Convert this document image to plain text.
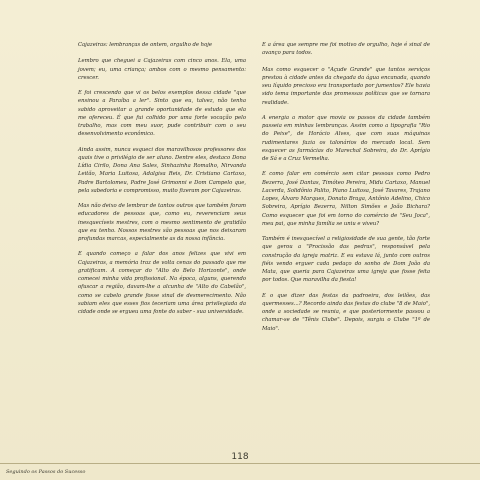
Cajazeiras: lembranças de ontem, orgulho de hoje

Lembro que cheguei a Cajazeiras com cinco anos. Ela, uma jovem; eu, uma criança; ambos com o mesmo pensamento: crescer.

E foi crescendo que vi os belos exemplos dessa cidade "que ensinou a Paraíba a ler". Sinto que eu, talvez, não tenha sabido aproveitar a grande oportunidade de estudo que ela me ofereceu. É que fui colhido por uma forte vocação pelo trabalho, mas com meu suor, pude contribuir com o seu desenvolvimento econômico.

Ainda assim, nunca esqueci dos maravilhosos professores dos quais tive o privilégio de ser aluno. Dentre eles, destaco Dona Lídia Cirilo, Dona Ana Sales, Sinhazinha Romalho, Nirvanda Leitão, Maria Luitosa, Adalgisa Reis, Dr. Cristiano Cartaxo, Padre Bartolomeu, Padre José Grimonni e Dom Campelo que, pela sabedoria e compromisso, muito fizeram por Cajazeiras.

Mas não deixo de lembrar de tantos outros que também foram educadores de pessoas que, como eu, reverenciam seus inesquecíveis mestres, com o mesmo sentimento de gratidão que eu tenho. Nossos mestres são pessoas que nos deixaram profundas marcas, especialmente as da nossa infância.

E quando começo a falar dos anos felizes que vivi em Cajazeiras, a memória traz de volta cenas do passado que me gratificam. A começar do "Alto do Belo Horizonte", onde comecei minha vida profissional. Na época, alguns, querendo ofuscar a região, davam-lhe a alcunha de "Alto do Cabelão", como se cabelo grande fosse sinal de desmerecimento. Não sabiam eles que esses fios teceriam uma área privilegiada da cidade onde se ergueu uma fonte do saber - sua universidade.

E a área que sempre me foi motivo de orgulho, hoje é sinal de avanço para todos.

Mas como esquecer o "Açude Grande" que tantos serviços prestou à cidade antes da chegada da água encanada, quando seu líquido precioso era transportado por jumentos? Ele havia sido tema importante das promessas políticas que se tornara realidade.

A energia a motor que movia os passos da cidade também passeia em minhas lembranças. Assim como a tipografia "Rio do Peixe", de Horácio Alves, que com suas máquinas rudimentares fazia os talonários do mercado local. Sem esquecer as farmácias do Marechal Sobreira, do Dr. Aprígio de Sá e a Cruz Vermelha.

E como falar em comércio sem citar pessoas como Pedro Bezerra, José Dantas, Timóteo Pereira, Midu Cartaxo, Manuel Lacerda, Solidônio Palito, Piano Luitosa, José Tavares, Trajano Lopes, Álvaro Marques, Donato Braga, Antônio Adelino, Chico Sobreira, Aprígio Bezerra, Nilton Simões e João Bichara? Como esquecer que foi em torno do comércio de "Seu Joca", meu pai, que minha família se uniu e viveu?

Também é inesquecível a religiosidade de sua gente, tão forte que gerou a "Procissão das pedras", responsável pela construção da igreja matriz. E eu estava lá, junto com outros fiéis vendo erguer cada pedaço do sonho de Dom João da Mata, que queria para Cajazeiras uma igreja que fosse feita por todos. Que maravilha da fiesta!

E o que dizer das festas da padroeira, dos leilões, das quermesses...? Recordo ainda das festas do clube "8 de Maio", onde a sociedade se reunia, e que posteriormente passou a chamar-se de "Tênis Clube". Depois, surgiu o Clube "1º de Maio".

118
Seguindo os Passos do Sucesso
